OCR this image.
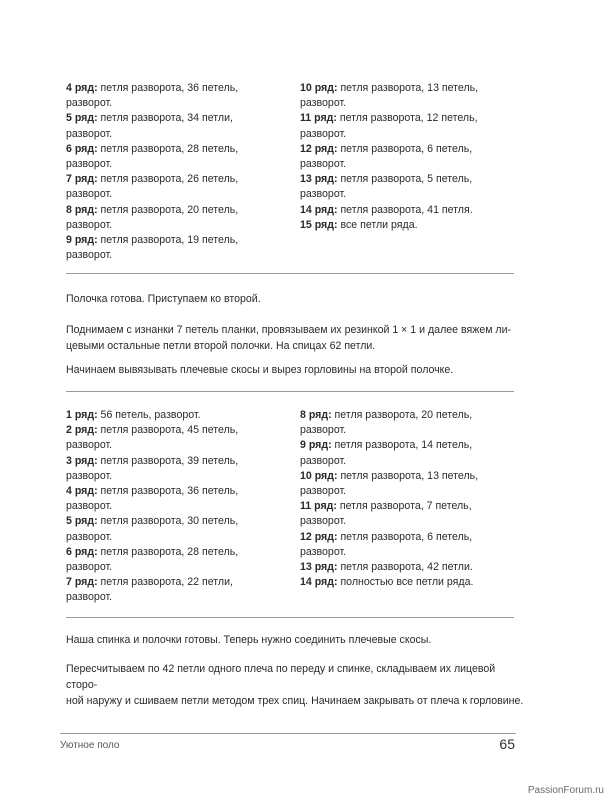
4 ряд: петля разворота, 36 петель,
разворот.
5 ряд: петля разворота, 34 петли,
разворот.
6 ряд: петля разворота, 28 петель,
разворот.
7 ряд: петля разворота, 26 петель,
разворот.
8 ряд: петля разворота, 20 петель,
разворот.
9 ряд: петля разворота, 19 петель,
разворот.
10 ряд: петля разворота, 13 петель,
разворот.
11 ряд: петля разворота, 12 петель,
разворот.
12 ряд: петля разворота, 6 петель,
разворот.
13 ряд: петля разворота, 5 петель,
разворот.
14 ряд: петля разворота, 41 петля.
15 ряд: все петли ряда.
Полочка готова. Приступаем ко второй.
Поднимаем с изнанки 7 петель планки, провязываем их резинкой 1 × 1 и далее вяжем ли-
цевыми остальные петли второй полочки. На спицах 62 петли.
Начинаем вывязывать плечевые скосы и вырез горловины на второй полочке.
1 ряд: 56 петель, разворот.
2 ряд: петля разворота, 45 петель,
разворот.
3 ряд: петля разворота, 39 петель,
разворот.
4 ряд: петля разворота, 36 петель,
разворот.
5 ряд: петля разворота, 30 петель,
разворот.
6 ряд: петля разворота, 28 петель,
разворот.
7 ряд: петля разворота, 22 петли,
разворот.
8 ряд: петля разворота, 20 петель,
разворот.
9 ряд: петля разворота, 14 петель,
разворот.
10 ряд: петля разворота, 13 петель,
разворот.
11 ряд: петля разворота, 7 петель,
разворот.
12 ряд: петля разворота, 6 петель,
разворот.
13 ряд: петля разворота, 42 петли.
14 ряд: полностью все петли ряда.
Наша спинка и полочки готовы. Теперь нужно соединить плечевые скосы.
Пересчитываем по 42 петли одного плеча по переду и спинке, складываем их лицевой сторо-
ной наружу и сшиваем петли методом трех спиц. Начинаем закрывать от плеча к горловине.
Уютное поло	65
PassionForum.ru
